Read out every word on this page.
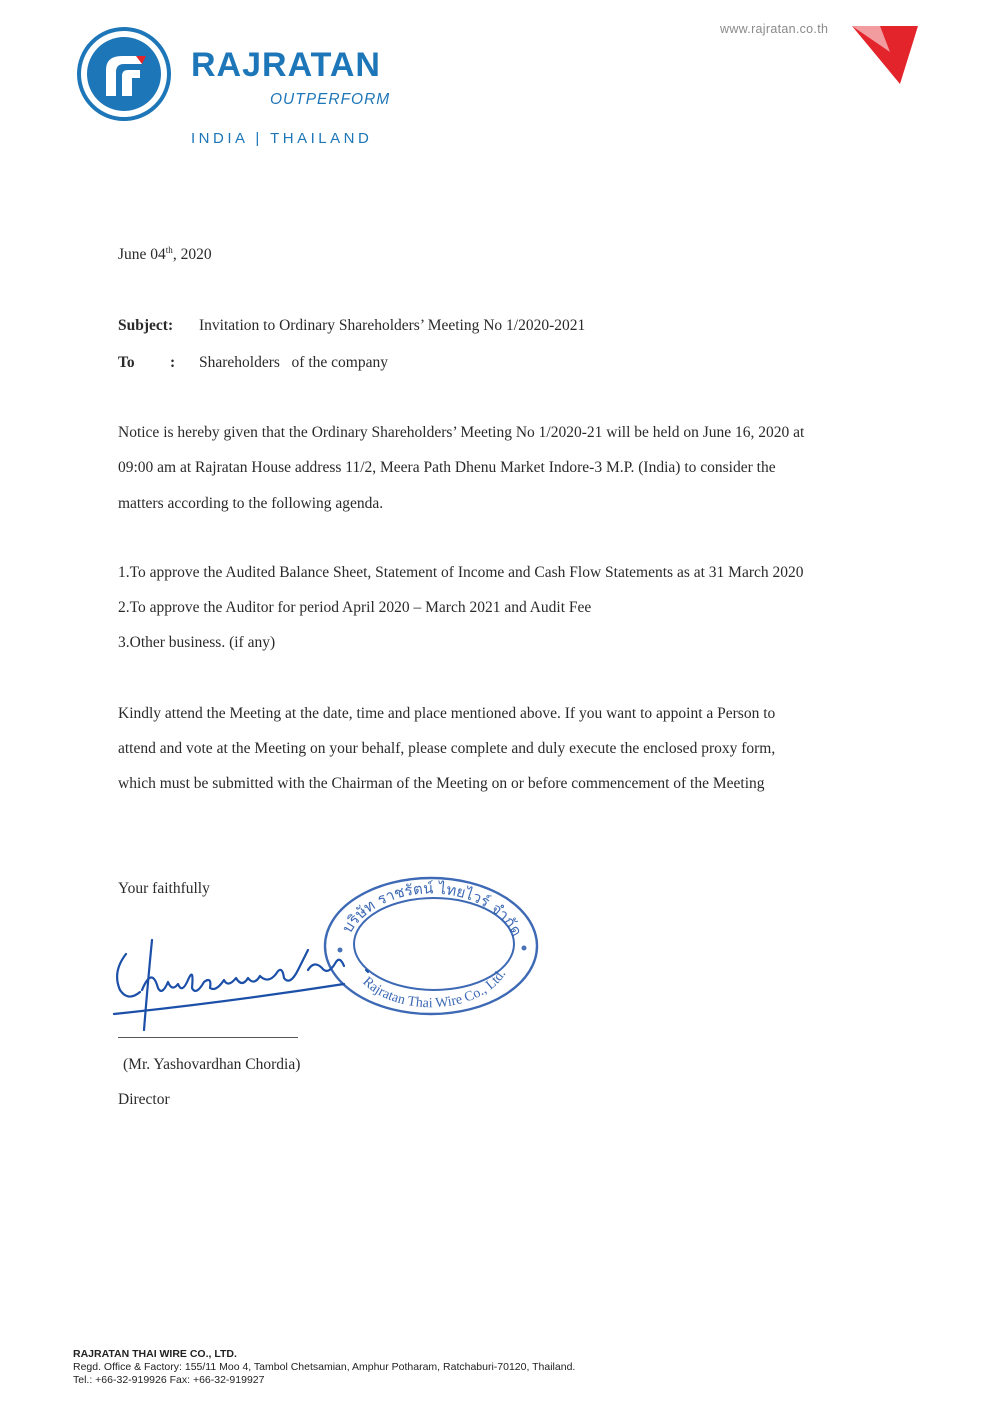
RAJRATAN
OUTPERFORM
INDIA | THAILAND
www.rajratan.co.th
June 04th, 2020
Subject: Invitation to Ordinary Shareholders’ Meeting No 1/2020-2021
To : Shareholders   of the company
Notice is hereby given that the Ordinary Shareholders’ Meeting No 1/2020-21 will be held on June 16, 2020 at
09:00 am at Rajratan House address 11/2, Meera Path Dhenu Market Indore-3 M.P. (India) to consider the
matters according to the following agenda.
1.To approve the Audited Balance Sheet, Statement of Income and Cash Flow Statements as at 31 March 2020
2.To approve the Auditor for period April 2020 – March 2021 and Audit Fee
3.Other business. (if any)
Kindly attend the Meeting at the date, time and place mentioned above. If you want to appoint a Person to
attend and vote at the Meeting on your behalf, please complete and duly execute the enclosed proxy form,
which must be submitted with the Chairman of the Meeting on or before commencement of the Meeting
Your faithfully
บริษัท ราชรัตน์ ไทยไวร์ จำกัด
Rajratan Thai Wire Co., Ltd.
(Mr. Yashovardhan Chordia)
Director
RAJRATAN THAI WIRE CO., LTD.
Regd. Office & Factory: 155/11 Moo 4, Tambol Chetsamian, Amphur Potharam, Ratchaburi-70120, Thailand.
Tel.: +66-32-919926 Fax: +66-32-919927
